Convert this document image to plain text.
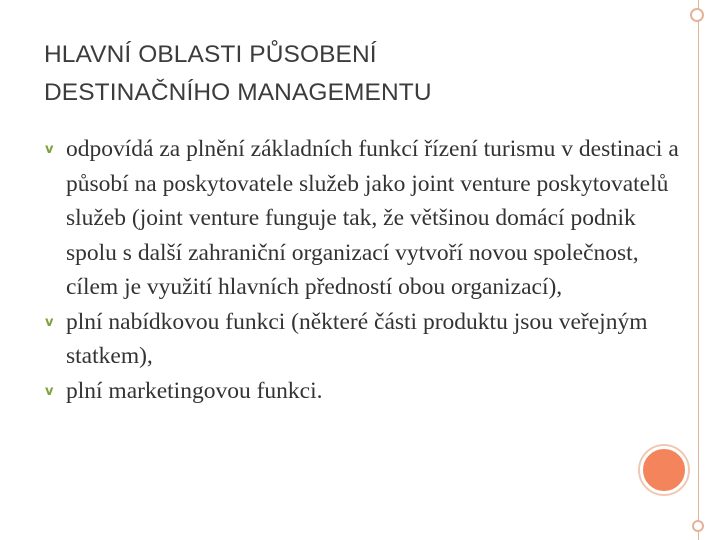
HLAVNÍ OBLASTI PŮSOBENÍ
DESTINAČNÍHO MANAGEMENTU
v odpovídá za plnění základních funkcí řízení turismu v destinaci a působí na poskytovatele služeb jako joint venture poskytovatelů služeb (joint venture funguje tak, že většinou domácí podnik spolu s další zahraniční organizací vytvoří novou společnost, cílem je využití hlavních předností obou organizací),
v plní nabídkovou funkci (některé části produktu jsou veřejným statkem),
v plní marketingovou funkci.
